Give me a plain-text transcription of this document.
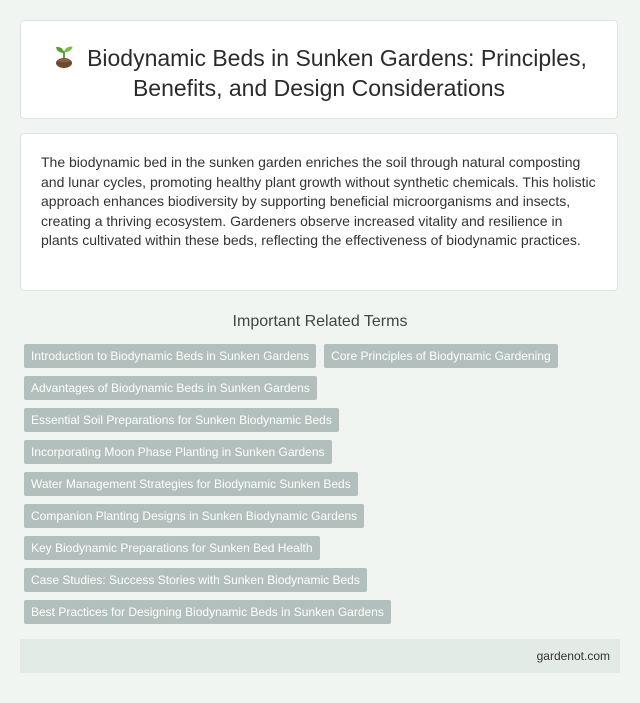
Biodynamic Beds in Sunken Gardens: Principles, Benefits, and Design Considerations

The biodynamic bed in the sunken garden enriches the soil through natural composting and lunar cycles, promoting healthy plant growth without synthetic chemicals. This holistic approach enhances biodiversity by supporting beneficial microorganisms and insects, creating a thriving ecosystem. Gardeners observe increased vitality and resilience in plants cultivated within these beds, reflecting the effectiveness of biodynamic practices.

Important Related Terms
Introduction to Biodynamic Beds in Sunken Gardens	Core Principles of Biodynamic Gardening
Advantages of Biodynamic Beds in Sunken Gardens
Essential Soil Preparations for Sunken Biodynamic Beds
Incorporating Moon Phase Planting in Sunken Gardens
Water Management Strategies for Biodynamic Sunken Beds
Companion Planting Designs in Sunken Biodynamic Gardens
Key Biodynamic Preparations for Sunken Bed Health
Case Studies: Success Stories with Sunken Biodynamic Beds
Best Practices for Designing Biodynamic Beds in Sunken Gardens
gardenot.com
